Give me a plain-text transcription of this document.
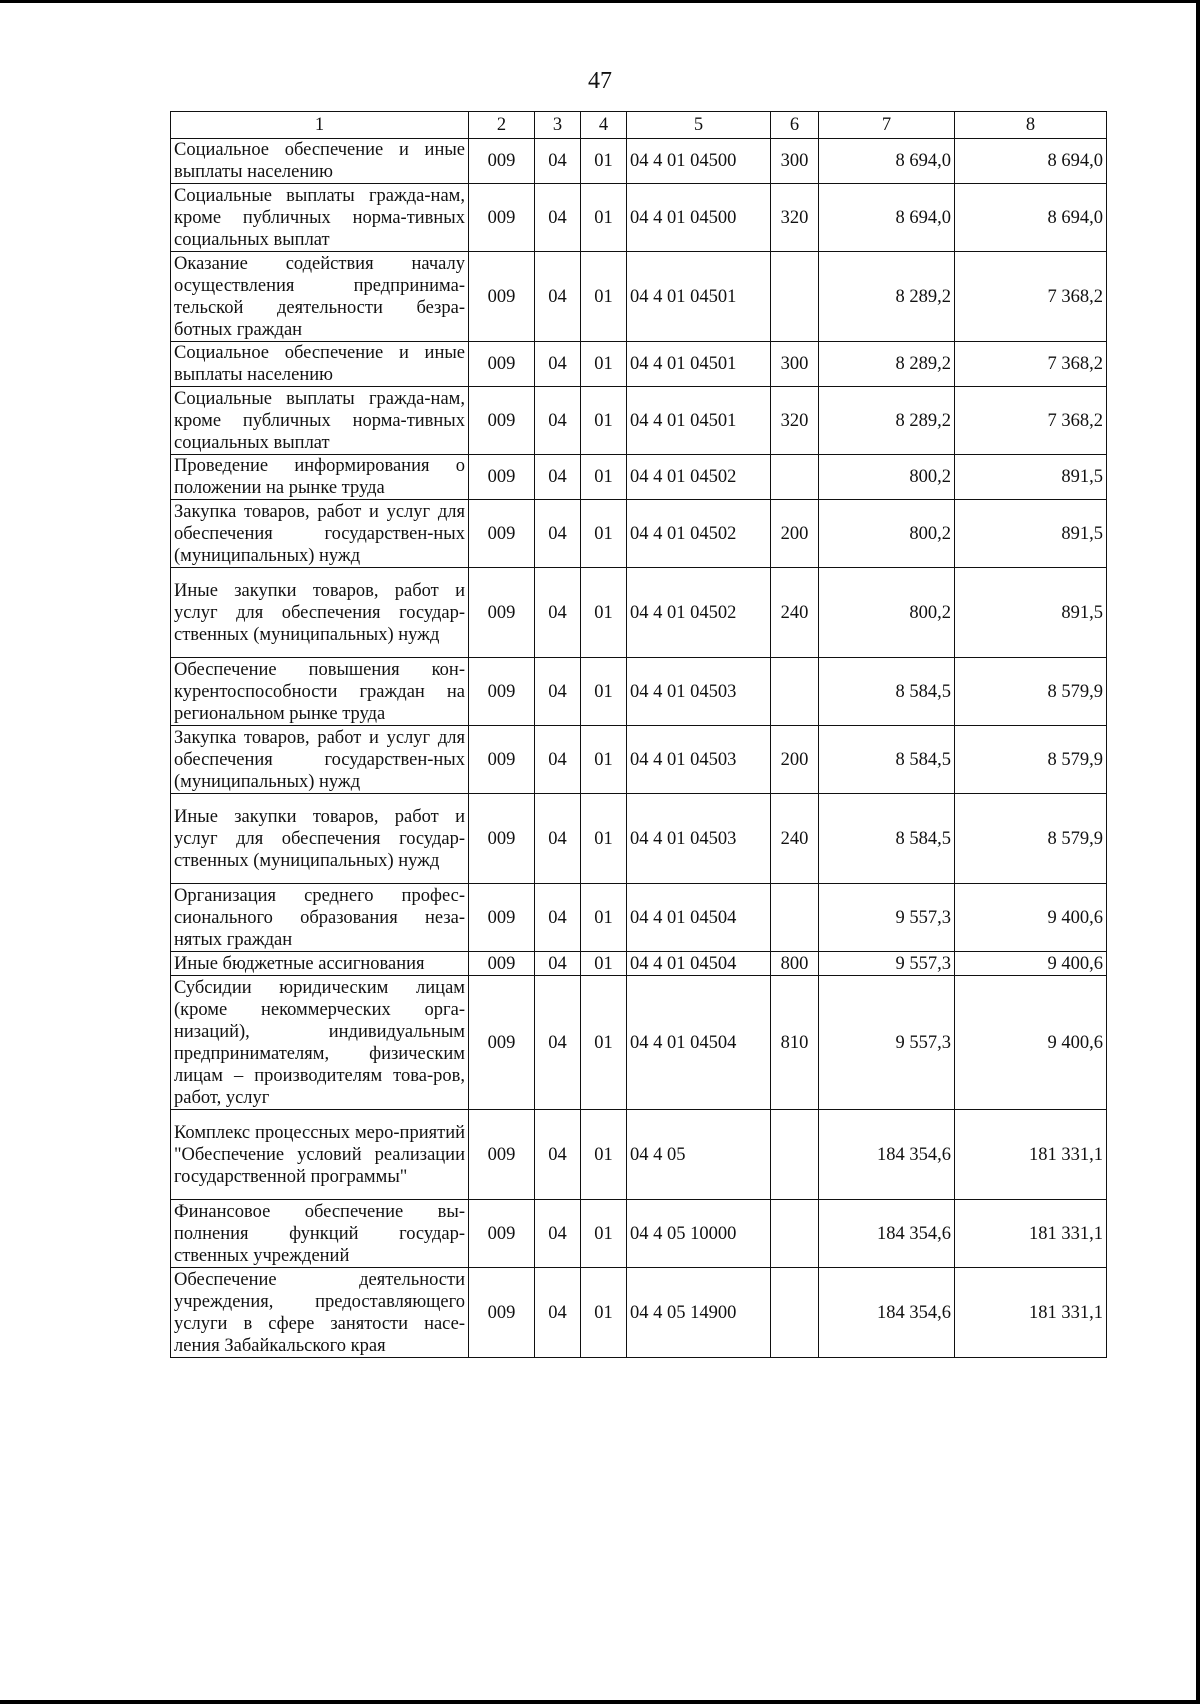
47
1	2	3	4	5	6	7	8
Социальное обеспечение и иные выплаты населению	009	04	01	04 4 01 04500	300	8 694,0	8 694,0
Социальные выплаты гражда-нам, кроме публичных норма-тивных социальных выплат	009	04	01	04 4 01 04500	320	8 694,0	8 694,0
Оказание содействия началу осуществления предпринима-тельской деятельности безра-ботных граждан	009	04	01	04 4 01 04501		8 289,2	7 368,2
Социальное обеспечение и иные выплаты населению	009	04	01	04 4 01 04501	300	8 289,2	7 368,2
Социальные выплаты гражда-нам, кроме публичных норма-тивных социальных выплат	009	04	01	04 4 01 04501	320	8 289,2	7 368,2
Проведение информирования о положении на рынке труда	009	04	01	04 4 01 04502		800,2	891,5
Закупка товаров, работ и услуг для обеспечения государствен-ных (муниципальных) нужд	009	04	01	04 4 01 04502	200	800,2	891,5
Иные закупки товаров, работ и услуг для обеспечения государ-ственных (муниципальных) нужд	009	04	01	04 4 01 04502	240	800,2	891,5
Обеспечение повышения кон-курентоспособности граждан на региональном рынке труда	009	04	01	04 4 01 04503		8 584,5	8 579,9
Закупка товаров, работ и услуг для обеспечения государствен-ных (муниципальных) нужд	009	04	01	04 4 01 04503	200	8 584,5	8 579,9
Иные закупки товаров, работ и услуг для обеспечения государ-ственных (муниципальных) нужд	009	04	01	04 4 01 04503	240	8 584,5	8 579,9
Организация среднего профес-сионального образования неза-нятых граждан	009	04	01	04 4 01 04504		9 557,3	9 400,6
Иные бюджетные ассигнования	009	04	01	04 4 01 04504	800	9 557,3	9 400,6
Субсидии юридическим лицам (кроме некоммерческих орга-низаций), индивидуальным предпринимателям, физическим лицам – производителям това-ров, работ, услуг	009	04	01	04 4 01 04504	810	9 557,3	9 400,6
Комплекс процессных меро-приятий "Обеспечение условий реализации государственной программы"	009	04	01	04 4 05		184 354,6	181 331,1
Финансовое обеспечение вы-полнения функций государ-ственных учреждений	009	04	01	04 4 05 10000		184 354,6	181 331,1
Обеспечение деятельности учреждения, предоставляющего услуги в сфере занятости насе-ления Забайкальского края	009	04	01	04 4 05 14900		184 354,6	181 331,1
